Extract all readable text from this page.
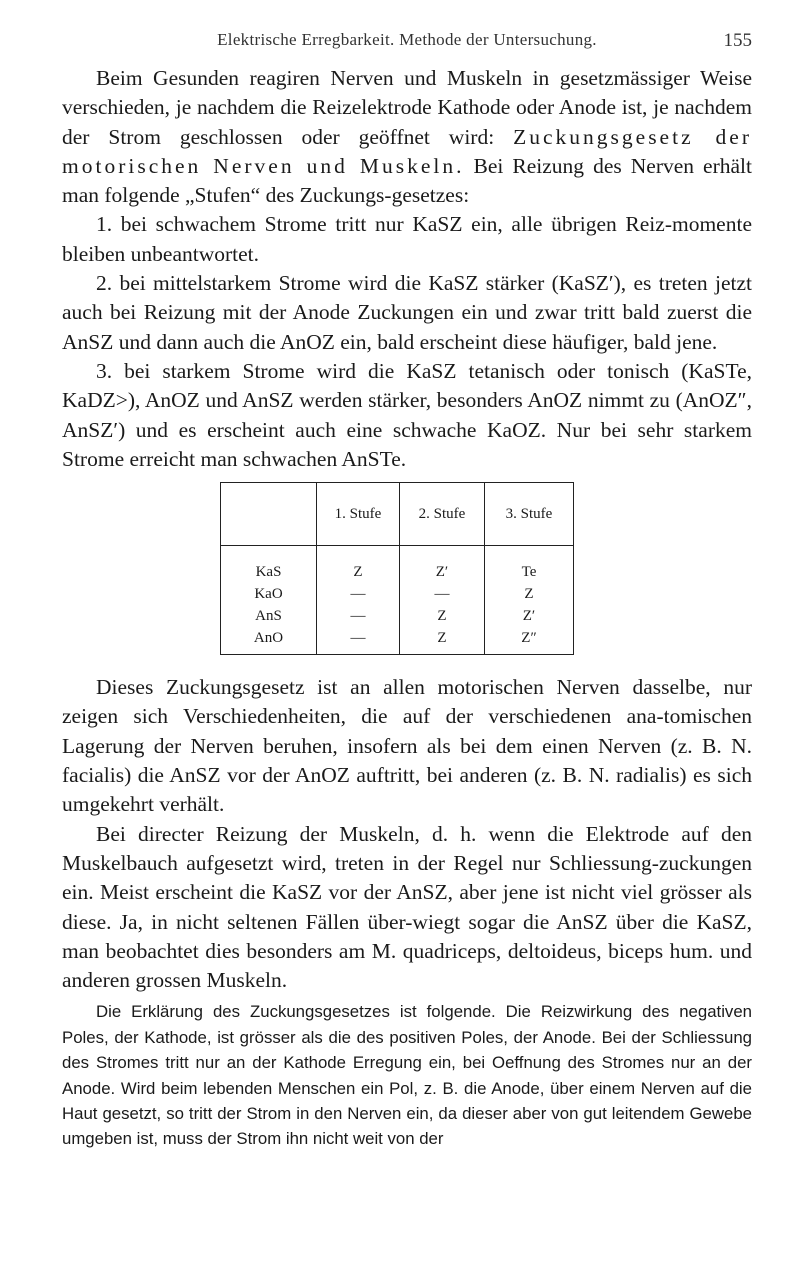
Elektrische Erregbarkeit. Methode der Untersuchung.	155

Beim Gesunden reagiren Nerven und Muskeln in gesetzmässiger Weise verschieden, je nachdem die Reizelektrode Kathode oder Anode ist, je nachdem der Strom geschlossen oder geöffnet wird: Zuckungsgesetz der motorischen Nerven und Muskeln. Bei Reizung des Nerven erhält man folgende „Stufen“ des Zuckungs-gesetzes:

1. bei schwachem Strome tritt nur KaSZ ein, alle übrigen Reiz-momente bleiben unbeantwortet.

2. bei mittelstarkem Strome wird die KaSZ stärker (KaSZ′), es treten jetzt auch bei Reizung mit der Anode Zuckungen ein und zwar tritt bald zuerst die AnSZ und dann auch die AnOZ ein, bald erscheint diese häufiger, bald jene.

3. bei starkem Strome wird die KaSZ tetanisch oder tonisch (KaSTe, KaDZ>), AnOZ und AnSZ werden stärker, besonders AnOZ nimmt zu (AnOZ″, AnSZ′) und es erscheint auch eine schwache KaOZ. Nur bei sehr starkem Strome erreicht man schwachen AnSTe.

	1. Stufe	2. Stufe	3. Stufe
KaS	Z	Z′	Te
KaO	—	—	Z
AnS	—	Z	Z′
AnO	—	Z	Z″

Dieses Zuckungsgesetz ist an allen motorischen Nerven dasselbe, nur zeigen sich Verschiedenheiten, die auf der verschiedenen ana-tomischen Lagerung der Nerven beruhen, insofern als bei dem einen Nerven (z. B. N. facialis) die AnSZ vor der AnOZ auftritt, bei anderen (z. B. N. radialis) es sich umgekehrt verhält.

Bei directer Reizung der Muskeln, d. h. wenn die Elektrode auf den Muskelbauch aufgesetzt wird, treten in der Regel nur Schliessung-zuckungen ein. Meist erscheint die KaSZ vor der AnSZ, aber jene ist nicht viel grösser als diese. Ja, in nicht seltenen Fällen über-wiegt sogar die AnSZ über die KaSZ, man beobachtet dies besonders am M. quadriceps, deltoideus, biceps hum. und anderen grossen Muskeln.

Die Erklärung des Zuckungsgesetzes ist folgende. Die Reizwirkung des negativen Poles, der Kathode, ist grösser als die des positiven Poles, der Anode. Bei der Schliessung des Stromes tritt nur an der Kathode Erregung ein, bei Oeffnung des Stromes nur an der Anode. Wird beim lebenden Menschen ein Pol, z. B. die Anode, über einem Nerven auf die Haut gesetzt, so tritt der Strom in den Nerven ein, da dieser aber von gut leitendem Gewebe umgeben ist, muss der Strom ihn nicht weit von der
